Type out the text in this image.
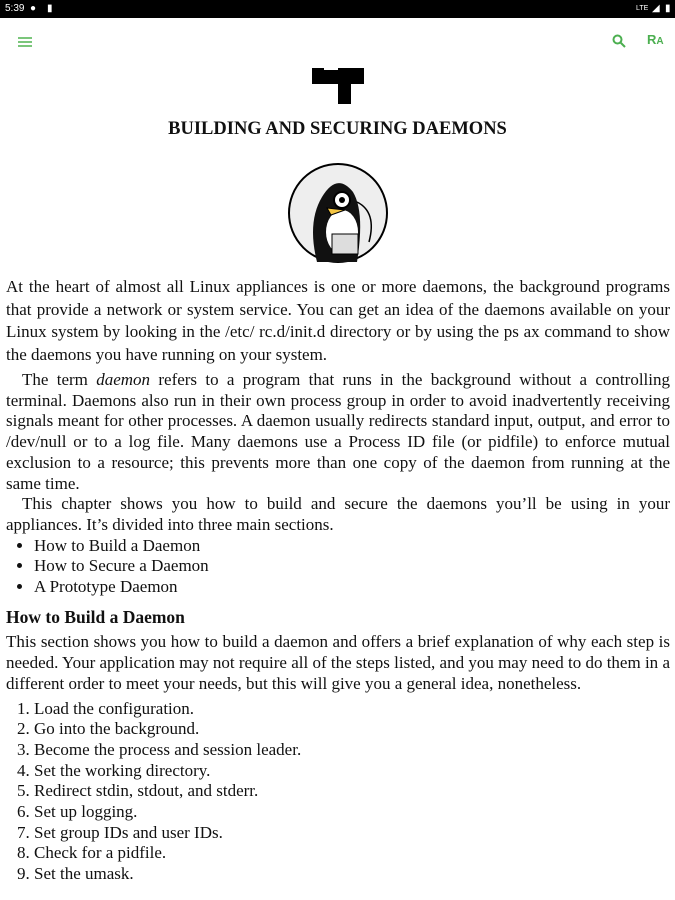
5:39 ● ▮	LTE ◢ ▮
RA
BUILDING AND SECURING DAEMONS

At the heart of almost all Linux appliances is one or more daemons, the background programs that provide a network or system service. You can get an idea of the daemons available on your Linux system by looking in the /etc/ rc.d/init.d directory or by using the ps ax command to show the daemons you have running on your system.

The term daemon refers to a program that runs in the background without a controlling terminal. Daemons also run in their own process group in order to avoid inadvertently receiving signals meant for other processes. A daemon usually redirects standard input, output, and error to /dev/null or to a log file. Many daemons use a Process ID file (or pidfile) to enforce mutual exclusion to a resource; this prevents more than one copy of the daemon from running at the same time.

This chapter shows you how to build and secure the daemons you’ll be using in your appliances. It’s divided into three main sections.

• How to Build a Daemon
• How to Secure a Daemon
• A Prototype Daemon
How to Build a Daemon

This section shows you how to build a daemon and offers a brief explanation of why each step is needed. Your application may not require all of the steps listed, and you may need to do them in a different order to meet your needs, but this will give you a general idea, nonetheless.

1. Load the configuration.
2. Go into the background.
3. Become the process and session leader.
4. Set the working directory.
5. Redirect stdin, stdout, and stderr.
6. Set up logging.
7. Set group IDs and user IDs.
8. Check for a pidfile.
9. Set the umask.
